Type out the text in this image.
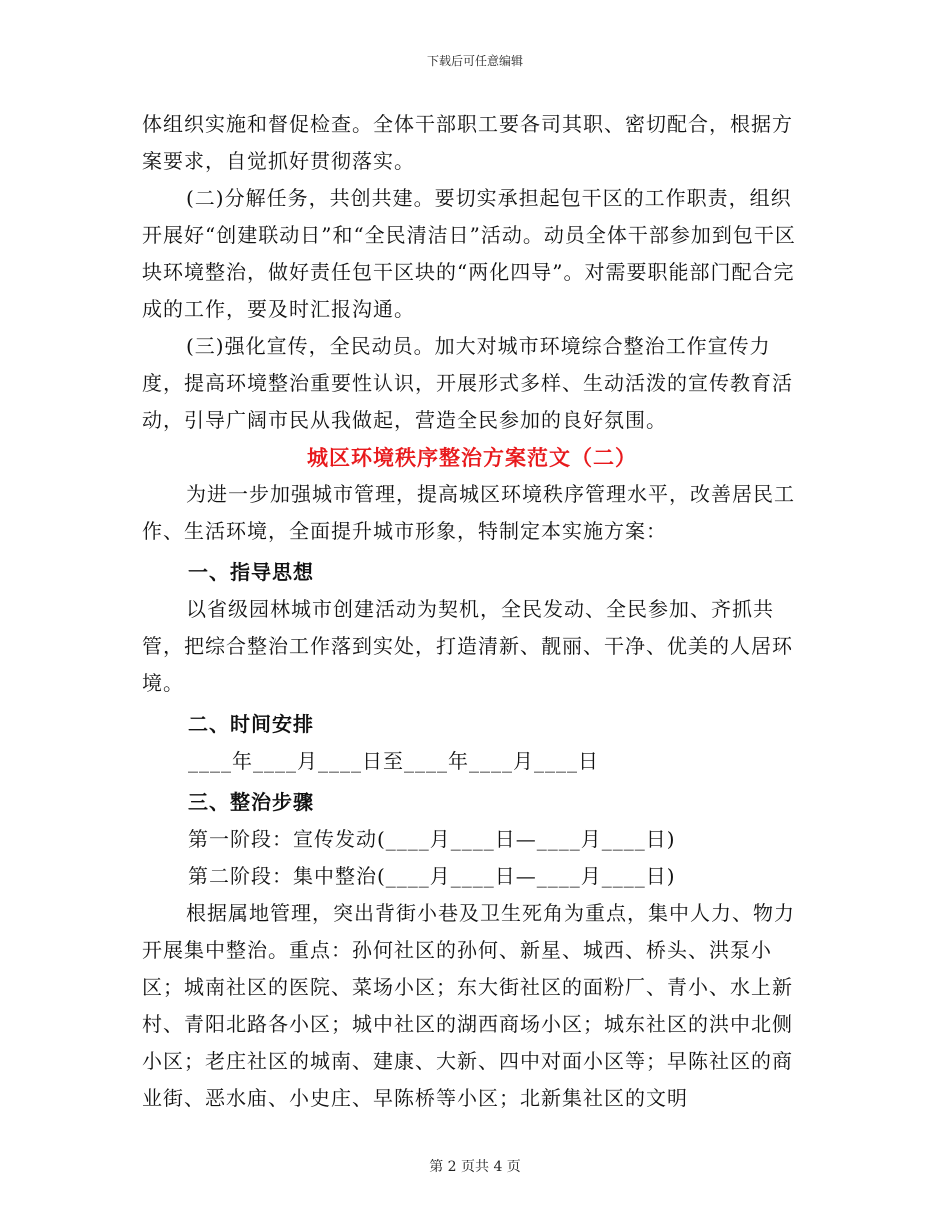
下载后可任意编辑

体组织实施和督促检查。全体干部职工要各司其职、密切配合，根据方案要求，自觉抓好贯彻落实。

(二)分解任务，共创共建。要切实承担起包干区的工作职责，组织开展好“创建联动日”和“全民清洁日”活动。动员全体干部参加到包干区块环境整治，做好责任包干区块的“两化四导”。对需要职能部门配合完成的工作，要及时汇报沟通。

(三)强化宣传，全民动员。加大对城市环境综合整治工作宣传力度，提高环境整治重要性认识，开展形式多样、生动活泼的宣传教育活动，引导广阔市民从我做起，营造全民参加的良好氛围。

城区环境秩序整治方案范文（二）

为进一步加强城市管理，提高城区环境秩序管理水平，改善居民工作、生活环境，全面提升城市形象，特制定本实施方案：

一、指导思想

以省级园林城市创建活动为契机，全民发动、全民参加、齐抓共管，把综合整治工作落到实处，打造清新、靓丽、干净、优美的人居环境。

二、时间安排

____年____月____日至____年____月____日

三、整治步骤

第一阶段：宣传发动(____月____日—____月____日)

第二阶段：集中整治(____月____日—____月____日)

根据属地管理，突出背街小巷及卫生死角为重点，集中人力、物力开展集中整治。重点：孙何社区的孙何、新星、城西、桥头、洪泵小区；城南社区的医院、菜场小区；东大街社区的面粉厂、青小、水上新村、青阳北路各小区；城中社区的湖西商场小区；城东社区的洪中北侧小区；老庄社区的城南、建康、大新、四中对面小区等；早陈社区的商业街、恶水庙、小史庄、早陈桥等小区；北新集社区的文明

第 2 页共 4 页
